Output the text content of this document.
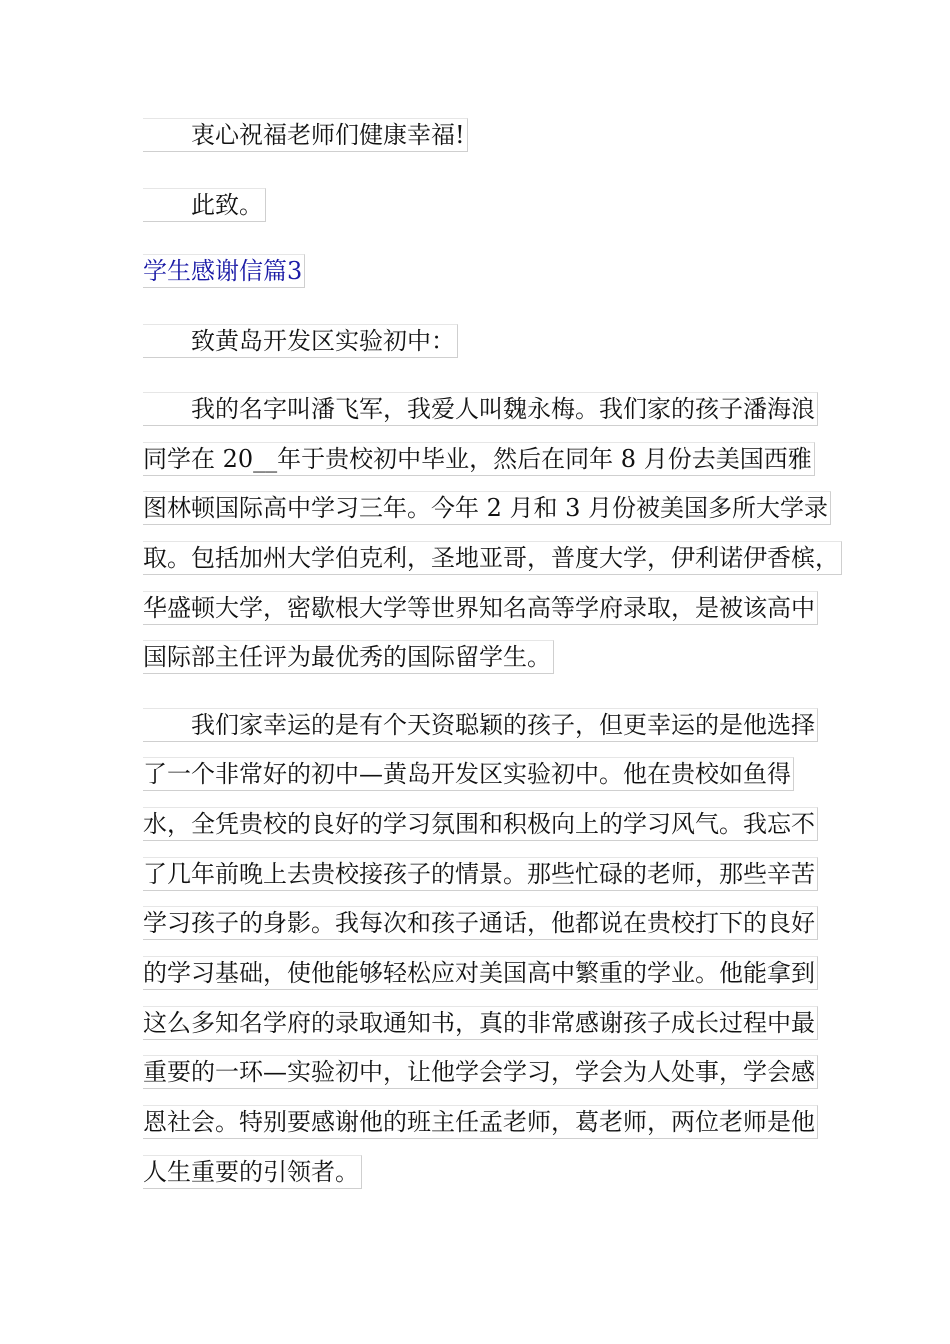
衷心祝福老师们健康幸福!
此致。
学生感谢信篇3
致黄岛开发区实验初中：
我的名字叫潘飞军，我爱人叫魏永梅。我们家的孩子潘海浪
同学在 20__年于贵校初中毕业，然后在同年 8 月份去美国西雅
图林顿国际高中学习三年。今年 2 月和 3 月份被美国多所大学录
取。包括加州大学伯克利，圣地亚哥，普度大学，伊利诺伊香槟，
华盛顿大学，密歇根大学等世界知名高等学府录取，是被该高中
国际部主任评为最优秀的国际留学生。
我们家幸运的是有个天资聪颖的孩子，但更幸运的是他选择
了一个非常好的初中—黄岛开发区实验初中。他在贵校如鱼得
水，全凭贵校的良好的学习氛围和积极向上的学习风气。我忘不
了几年前晚上去贵校接孩子的情景。那些忙碌的老师，那些辛苦
学习孩子的身影。我每次和孩子通话，他都说在贵校打下的良好
的学习基础，使他能够轻松应对美国高中繁重的学业。他能拿到
这么多知名学府的录取通知书，真的非常感谢孩子成长过程中最
重要的一环—实验初中，让他学会学习，学会为人处事，学会感
恩社会。特别要感谢他的班主任孟老师，葛老师，两位老师是他
人生重要的引领者。
